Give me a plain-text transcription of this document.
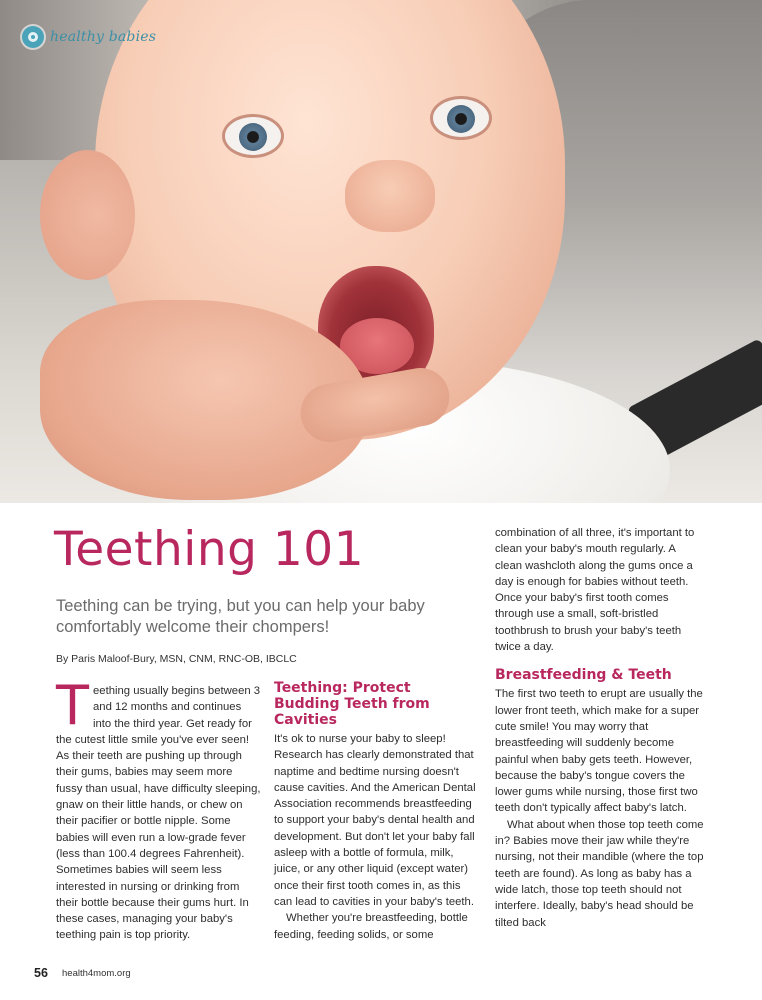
healthy babies
Teething 101

Teething can be trying, but you can help your baby comfortably welcome their chompers!

By Paris Maloof-Bury, MSN, CNM, RNC-OB, IBCLC

Teething usually begins between 3 and 12 months and continues into the third year. Get ready for the cutest little smile you've ever seen! As their teeth are pushing up through their gums, babies may seem more fussy than usual, have difficulty sleeping, gnaw on their little hands, or chew on their pacifier or bottle nipple. Some babies will even run a low-grade fever (less than 100.4 degrees Fahrenheit). Sometimes babies will seem less interested in nursing or drinking from their bottle because their gums hurt. In these cases, managing your baby's teething pain is top priority.

Teething: Protect Budding Teeth from Cavities

It's ok to nurse your baby to sleep! Research has clearly demonstrated that naptime and bedtime nursing doesn't cause cavities. And the American Dental Association recommends breastfeeding to support your baby's dental health and development. But don't let your baby fall asleep with a bottle of formula, milk, juice, or any other liquid (except water) once their first tooth comes in, as this can lead to cavities in your baby's teeth.

Whether you're breastfeeding, bottle feeding, feeding solids, or some

combination of all three, it's important to clean your baby's mouth regularly. A clean washcloth along the gums once a day is enough for babies without teeth. Once your baby's first tooth comes through use a small, soft-bristled toothbrush to brush your baby's teeth twice a day.

Breastfeeding & Teeth

The first two teeth to erupt are usually the lower front teeth, which make for a super cute smile! You may worry that breastfeeding will suddenly become painful when baby gets teeth. However, because the baby's tongue covers the lower gums while nursing, those first two teeth don't typically affect baby's latch.

What about when those top teeth come in? Babies move their jaw while they're nursing, not their mandible (where the top teeth are found). As long as baby has a wide latch, those top teeth should not interfere. Ideally, baby's head should be tilted back

56 health4mom.org
